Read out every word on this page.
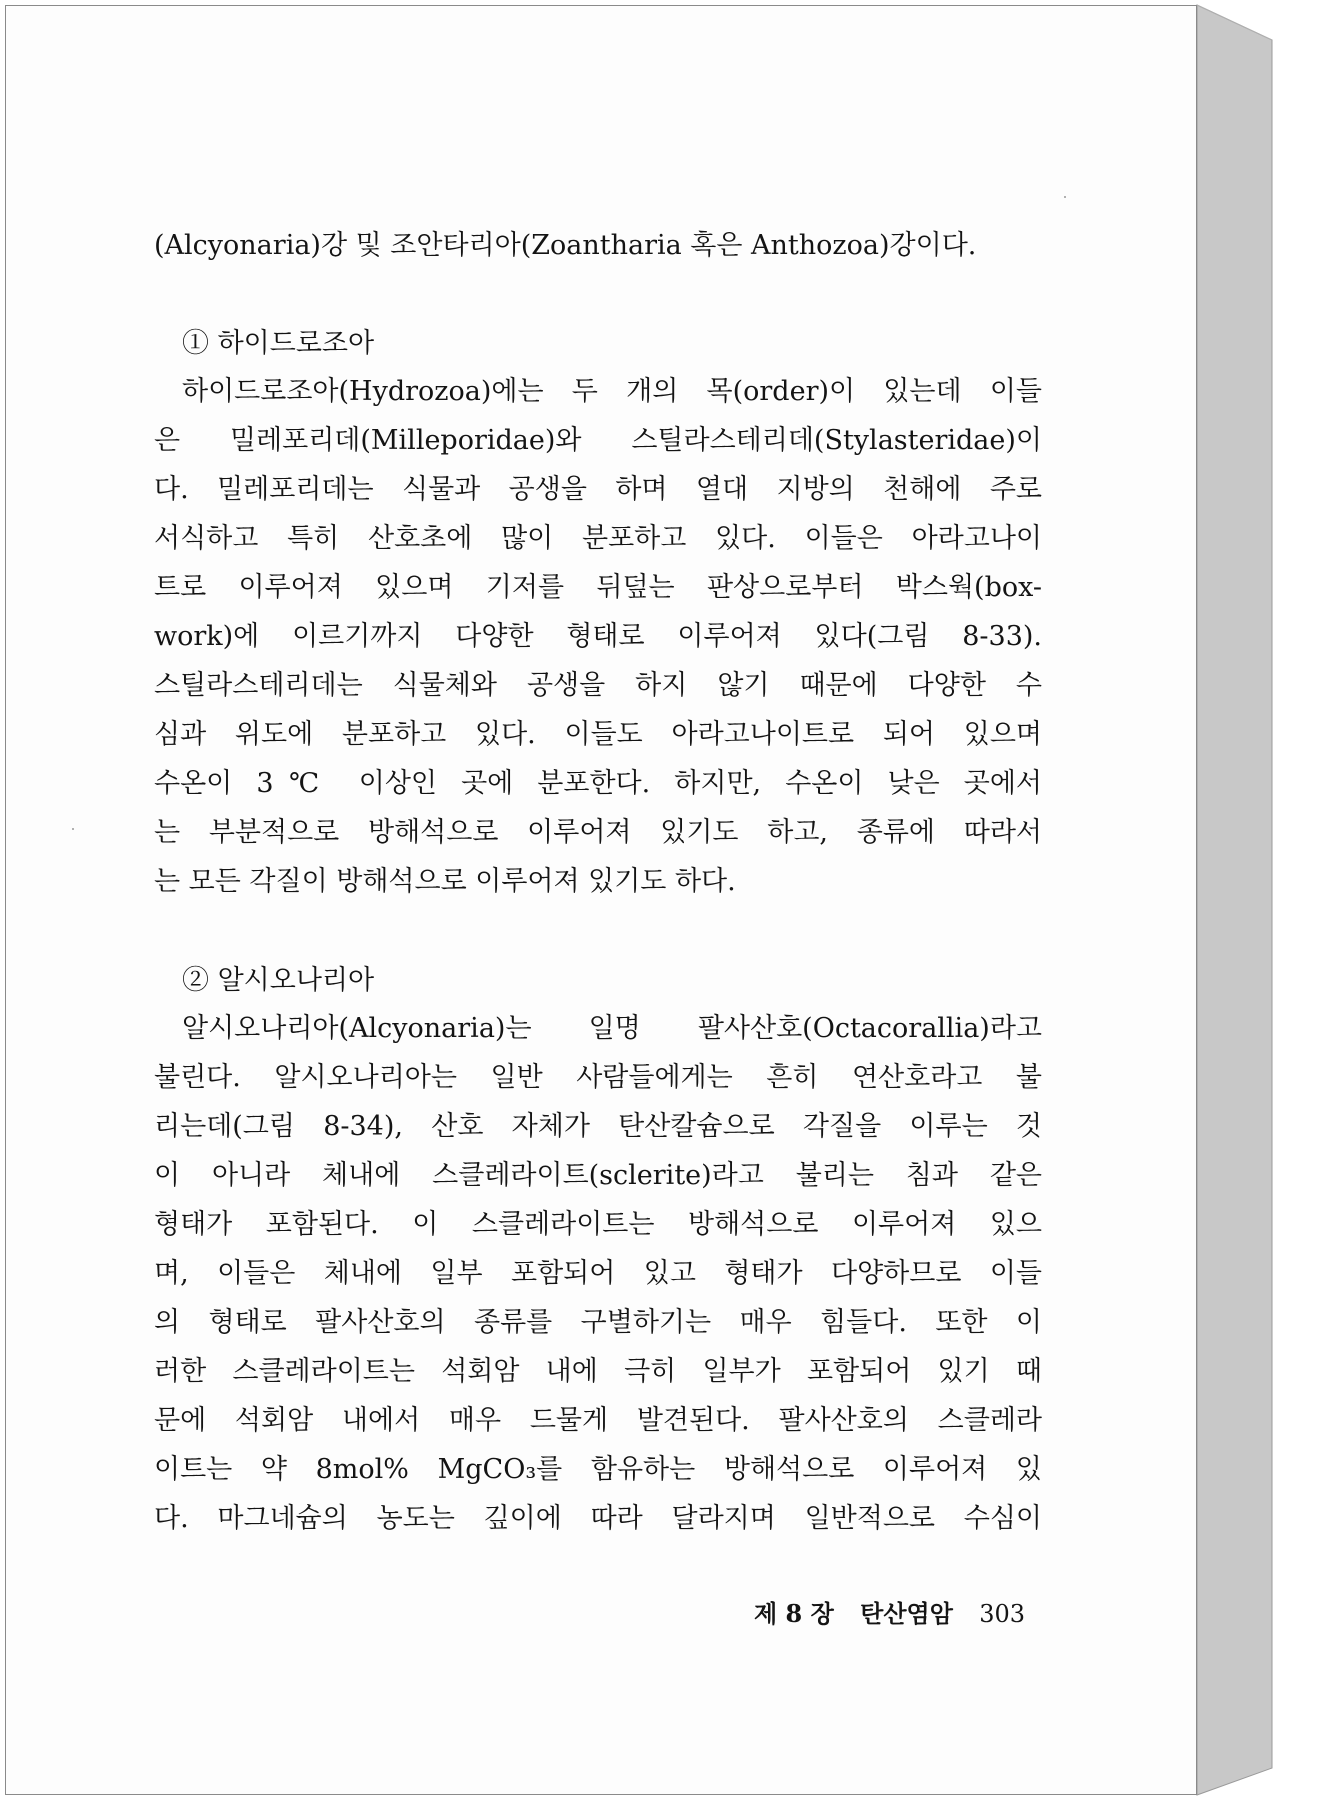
(Alcyonaria)강 및 조안타리아(Zoantharia 혹은 Anthozoa)강이다.
① 하이드로조아
하이드로조아(Hydrozoa)에는 두 개의 목(order)이 있는데 이들
은 밀레포리데(Milleporidae)와 스틸라스테리데(Stylasteridae)이
다. 밀레포리데는 식물과 공생을 하며 열대 지방의 천해에 주로
서식하고 특히 산호초에 많이 분포하고 있다. 이들은 아라고나이
트로 이루어져 있으며 기저를 뒤덮는 판상으로부터 박스웍(box-
work)에 이르기까지 다양한 형태로 이루어져 있다(그림 8-33).
스틸라스테리데는 식물체와 공생을 하지 않기 때문에 다양한 수
심과 위도에 분포하고 있다. 이들도 아라고나이트로 되어 있으며
수온이 3℃ 이상인 곳에 분포한다. 하지만, 수온이 낮은 곳에서
는 부분적으로 방해석으로 이루어져 있기도 하고, 종류에 따라서
는 모든 각질이 방해석으로 이루어져 있기도 하다.
② 알시오나리아
알시오나리아(Alcyonaria)는 일명 팔사산호(Octacorallia)라고
불린다. 알시오나리아는 일반 사람들에게는 흔히 연산호라고 불
리는데(그림 8-34), 산호 자체가 탄산칼슘으로 각질을 이루는 것
이 아니라 체내에 스클레라이트(sclerite)라고 불리는 침과 같은
형태가 포함된다. 이 스클레라이트는 방해석으로 이루어져 있으
며, 이들은 체내에 일부 포함되어 있고 형태가 다양하므로 이들
의 형태로 팔사산호의 종류를 구별하기는 매우 힘들다. 또한 이
러한 스클레라이트는 석회암 내에 극히 일부가 포함되어 있기 때
문에 석회암 내에서 매우 드물게 발견된다. 팔사산호의 스클레라
이트는 약 8mol% MgCO₃를 함유하는 방해석으로 이루어져 있
다. 마그네슘의 농도는 깊이에 따라 달라지며 일반적으로 수심이
제 8 장 탄산염암 303
